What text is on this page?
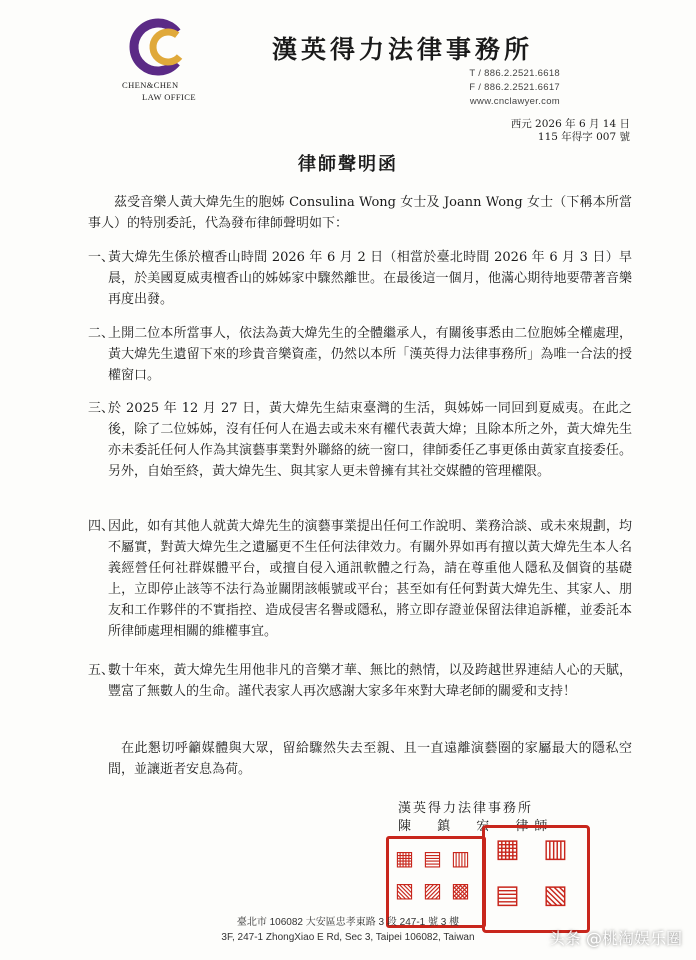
CHEN&CHEN
LAW OFFICE
漢英得力法律事務所
T / 886.2.2521.6618
F / 886.2.2521.6617
www.cnclawyer.com
西元 2026 年 6 月 14 日
115 年得字 007 號
律師聲明函

茲受音樂人黃大煒先生的胞姊 Consulina Wong 女士及 Joann Wong 女士（下稱本所當事人）的特別委託，代為發布律師聲明如下：

一、
黃大煒先生係於檀香山時間 2026 年 6 月 2 日（相當於臺北時間 2026 年 6 月 3 日）早晨，於美國夏威夷檀香山的姊姊家中驟然離世。在最後這一個月，他滿心期待地要帶著音樂再度出發。
二、
上開二位本所當事人，依法為黃大煒先生的全體繼承人，有關後事悉由二位胞姊全權處理，黃大煒先生遺留下來的珍貴音樂資產，仍然以本所「漢英得力法律事務所」為唯一合法的授權窗口。
三、
於 2025 年 12 月 27 日，黃大煒先生結束臺灣的生活，與姊姊一同回到夏威夷。在此之後，除了二位姊姊，沒有任何人在過去或未來有權代表黃大煒；且除本所之外，黃大煒先生亦未委託任何人作為其演藝事業對外聯絡的統一窗口，律師委任乙事更係由黃家直接委任。另外，自始至終，黃大煒先生、與其家人更未曾擁有其社交媒體的管理權限。
四、
因此，如有其他人就黃大煒先生的演藝事業提出任何工作說明、業務洽談、或未來規劃，均不屬實，對黃大煒先生之遺屬更不生任何法律效力。有關外界如再有擅以黃大煒先生本人名義經營任何社群媒體平台，或擅自侵入通訊軟體之行為，請在尊重他人隱私及個資的基礎上，立即停止該等不法行為並關閉該帳號或平台；甚至如有任何對黃大煒先生、其家人、朋友和工作夥伴的不實指控、造成侵害名譽或隱私，將立即存證並保留法律追訴權，並委託本所律師處理相關的維權事宜。
五、
數十年來，黃大煒先生用他非凡的音樂才華、無比的熱情，以及跨越世界連結人心的天賦，豐富了無數人的生命。謹代表家人再次感謝大家多年來對大瑋老師的關愛和支持！

在此懇切呼籲媒體與大眾，留給驟然失去至親、且一直遠離演藝圈的家屬最大的隱私空間，並讓逝者安息為荷。

漢英得力法律事務所
陳 鎮 宏 律師
▦ ▤ ▥
▧ ▨ ▩
▦ ▥
▤ ▧
臺北市 106082 大安區忠孝東路 3 段 247-1 號 3 樓
3F, 247-1 ZhongXiao E Rd, Sec 3, Taipei 106082, Taiwan	头条 @桃淘娱乐圈
